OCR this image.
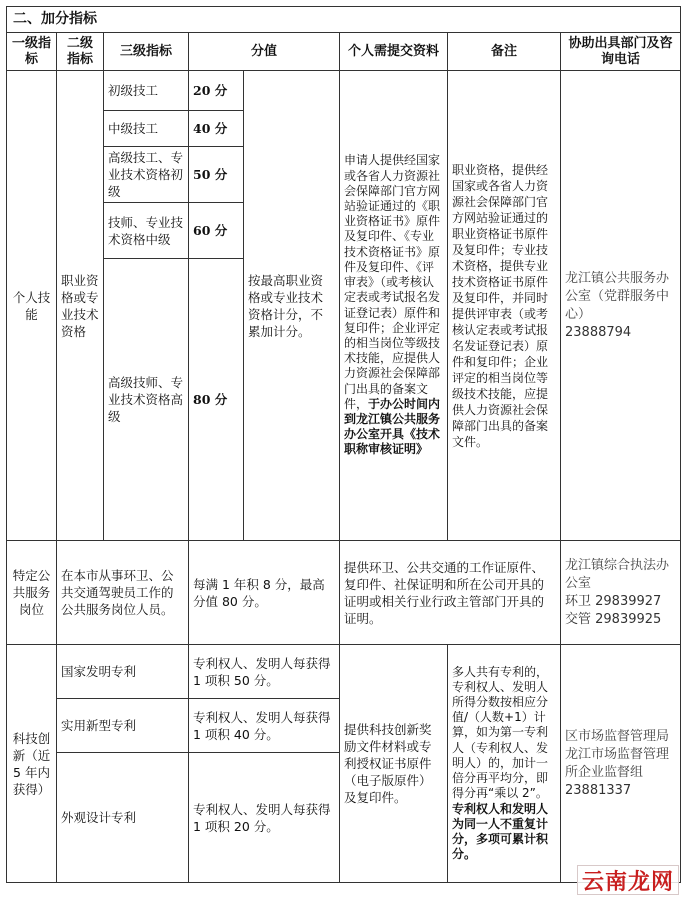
二、加分指标							
一级指标	二级指标	三级指标	分值		个人需提交资料	备注	协助出具部门及咨询电话
个人技能	职业资格或专业技术资格	初级技工	20 分	按最高职业资格或专业技术资格计分，不累加计分。	申请人提供经国家或各省人力资源社会保障部门官方网站验证通过的《职业资格证书》原件及复印件、《专业技术资格证书》原件及复印件、《评审表》（或考核认定表或考试报名发证登记表）原件和复印件；企业评定的相当岗位等级技术技能，应提供人力资源社会保障部门出具的备案文件，于办公时间内到龙江镇公共服务办公室开具《技术职称审核证明》	职业资格，提供经国家或各省人力资源社会保障部门官方网站验证通过的职业资格证书原件及复印件；专业技术资格，提供专业技术资格证书原件及复印件，并同时提供评审表（或考核认定表或考试报名发证登记表）原件和复印件；企业评定的相当岗位等级技术技能，应提供人力资源社会保障部门出具的备案文件。	龙江镇公共服务办公室（党群服务中心）
23888794

		中级技工	40 分				
		高级技工、专业技术资格初级	50 分				
		技师、专业技术资格中级	60 分				
		高级技师、专业技术资格高级	80 分				
特定公共服务岗位	在本市从事环卫、公共交通驾驶员工作的公共服务岗位人员。		每满 1 年积 8 分，最高分值 80 分。		提供环卫、公共交通的工作证原件、复印件、社保证明和所在公司开具的证明或相关行业行政主管部门开具的证明。		龙江镇综合执法办公室
环卫 29839927
交管 29839925

科技创新（近 5 年内获得）	国家发明专利		专利权人、发明人每获得 1 项积 50 分。		提供科技创新奖励文件材料或专利授权证书原件（电子版原件）及复印件。	多人共有专利的，专利权人、发明人所得分数按相应分值/（人数+1）计算，如为第一专利人（专利权人、发明人）的，加计一倍分再平均分，即得分再“乘以 2”。专利权人和发明人为同一人不重复计分，多项可累计积分。	区市场监督管理局龙江市场监督管理所企业监督组
23881337

	实用新型专利		专利权人、发明人每获得 1 项积 40 分。				
	外观设计专利		专利权人、发明人每获得 1 项积 20 分。				
云南龙网
